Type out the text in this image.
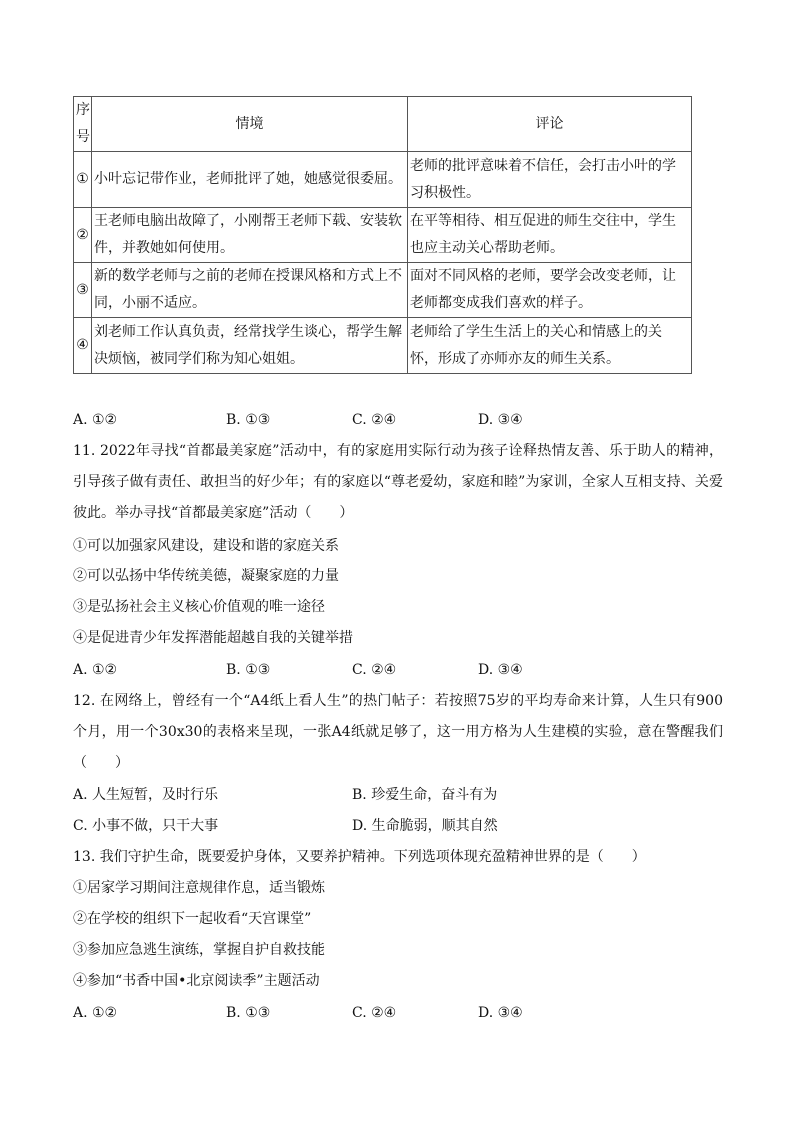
序号	情境	评论
①	小叶忘记带作业，老师批评了她，她感觉很委屈。	老师的批评意味着不信任，会打击小叶的学习积极性。
②	王老师电脑出故障了，小刚帮王老师下载、安装软件，并教她如何使用。	在平等相待、相互促进的师生交往中，学生也应主动关心帮助老师。
③	新的数学老师与之前的老师在授课风格和方式上不同，小丽不适应。	面对不同风格的老师，要学会改变老师，让老师都变成我们喜欢的样子。
④	刘老师工作认真负责，经常找学生谈心，帮学生解决烦恼，被同学们称为知心姐姐。	老师给了学生生活上的关心和情感上的关怀，形成了亦师亦友的师生关系。
A. ①②	B. ①③	C. ②④	D. ③④
11. 2022年寻找“首都最美家庭”活动中，有的家庭用实际行动为孩子诠释热情友善、乐于助人的精神，引导孩子做有责任、敢担当的好少年；有的家庭以“尊老爱幼，家庭和睦”为家训，全家人互相支持、关爱彼此。举办寻找“首都最美家庭”活动（　　）
①可以加强家风建设，建设和谐的家庭关系
②可以弘扬中华传统美德，凝聚家庭的力量
③是弘扬社会主义核心价值观的唯一途径
④是促进青少年发挥潜能超越自我的关键举措
A. ①②	B. ①③	C. ②④	D. ③④
12. 在网络上，曾经有一个“A4纸上看人生”的热门帖子：若按照75岁的平均寿命来计算，人生只有900个月，用一个30x30的表格来呈现，一张A4纸就足够了，这一用方格为人生建模的实验，意在警醒我们（　　）
A. 人生短暂，及时行乐	B. 珍爱生命，奋斗有为
C. 小事不做，只干大事	D. 生命脆弱，顺其自然
13. 我们守护生命，既要爱护身体，又要养护精神。下列选项体现充盈精神世界的是（　　）
①居家学习期间注意规律作息，适当锻炼
②在学校的组织下一起收看“天宫课堂”
③参加应急逃生演练，掌握自护自救技能
④参加“书香中国•北京阅读季”主题活动
A. ①②	B. ①③	C. ②④	D. ③④
